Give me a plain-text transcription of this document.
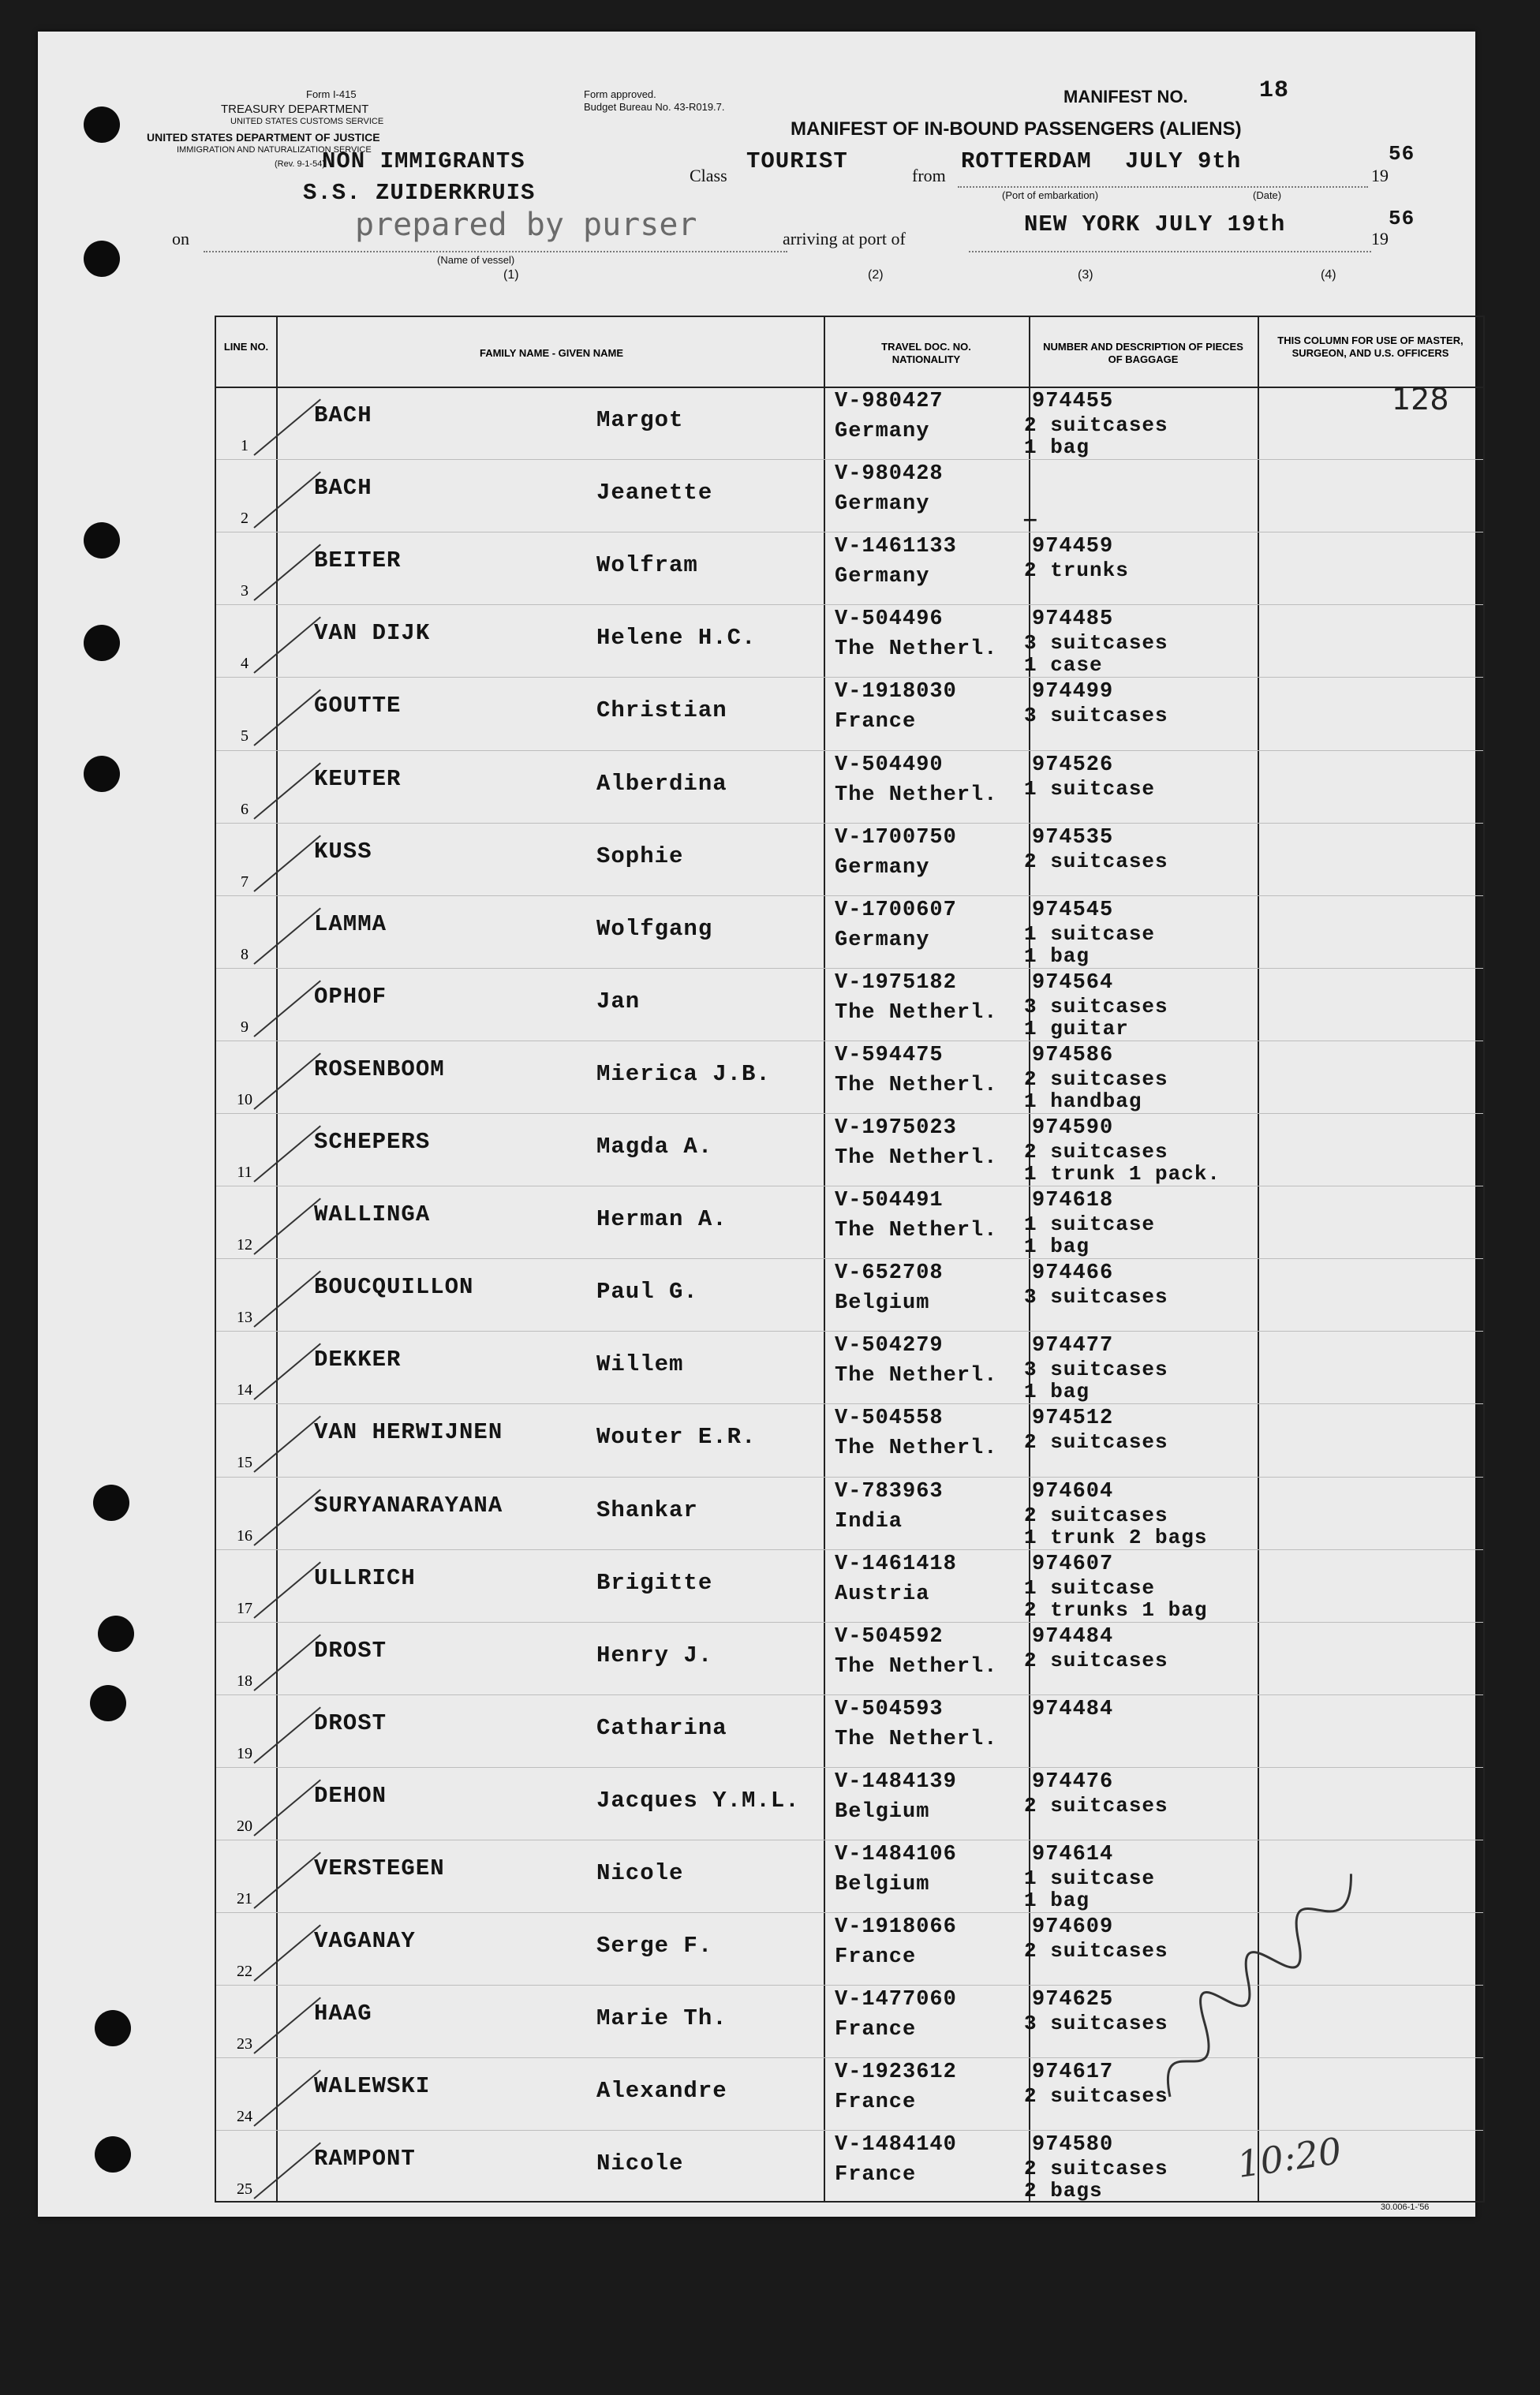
Form I-415
TREASURY DEPARTMENT
UNITED STATES CUSTOMS SERVICE
UNITED STATES DEPARTMENT OF JUSTICE
IMMIGRATION AND NATURALIZATION SERVICE
(Rev. 9-1-54)
Form approved.
Budget Bureau No. 43-R019.7.
MANIFEST NO.	18
MANIFEST OF IN-BOUND PASSENGERS (ALIENS)
NON IMMIGRANTS
Class
TOURIST
from
ROTTERDAM JULY 9th
19
56
(Port of embarkation)	(Date)
S.S. ZUIDERKRUIS
prepared by purser
on
(Name of vessel)
arriving at port of
NEW YORK JULY 19th
19
56
(1)	(2)	(3)	(4)
LINE NO.
FAMILY NAME - GIVEN NAME
TRAVEL DOC. NO. NATIONALITY
NUMBER AND DESCRIPTION OF PIECES OF BAGGAGE
THIS COLUMN FOR USE OF MASTER, SURGEON, AND U.S. OFFICERS
1
BACH	Margot
V-980427
Germany
974455
2 suitcases
1 bag
2
BACH	Jeanette
V-980428
Germany
—
3
BEITER	Wolfram
V-1461133
Germany
974459
2 trunks
4
VAN DIJK	Helene H.C.
V-504496
The Netherl.
974485
3 suitcases
1 case
5
GOUTTE	Christian
V-1918030
France
974499
3 suitcases
6
KEUTER	Alberdina
V-504490
The Netherl.
974526
1 suitcase
7
KUSS	Sophie
V-1700750
Germany
974535
2 suitcases
8
LAMMA	Wolfgang
V-1700607
Germany
974545
1 suitcase
1 bag
9
OPHOF	Jan
V-1975182
The Netherl.
974564
3 suitcases
1 guitar
10
ROSENBOOM	Mierica J.B.
V-594475
The Netherl.
974586
2 suitcases
1 handbag
11
SCHEPERS	Magda A.
V-1975023
The Netherl.
974590
2 suitcases
1 trunk 1 pack.
12
WALLINGA	Herman A.
V-504491
The Netherl.
974618
1 suitcase
1 bag
13
BOUCQUILLON	Paul G.
V-652708
Belgium
974466
3 suitcases
14
DEKKER	Willem
V-504279
The Netherl.
974477
3 suitcases
1 bag
15
VAN HERWIJNEN	Wouter E.R.
V-504558
The Netherl.
974512
2 suitcases
16
SURYANARAYANA	Shankar
V-783963
India
974604
2 suitcases
1 trunk 2 bags
17
ULLRICH	Brigitte
V-1461418
Austria
974607
1 suitcase
2 trunks 1 bag
18
DROST	Henry J.
V-504592
The Netherl.
974484
2 suitcases
19
DROST	Catharina
V-504593
The Netherl.
974484
20
DEHON	Jacques Y.M.L.
V-1484139
Belgium
974476
2 suitcases
21
VERSTEGEN	Nicole
V-1484106
Belgium
974614
1 suitcase
1 bag
22
VAGANAY	Serge F.
V-1918066
France
974609
2 suitcases
23
HAAG	Marie Th.
V-1477060
France
974625
3 suitcases
24
WALEWSKI	Alexandre
V-1923612
France
974617
2 suitcases
25
RAMPONT	Nicole
V-1484140
France
974580
2 suitcases
2 bags
128
10:20
30.006-1-'56
